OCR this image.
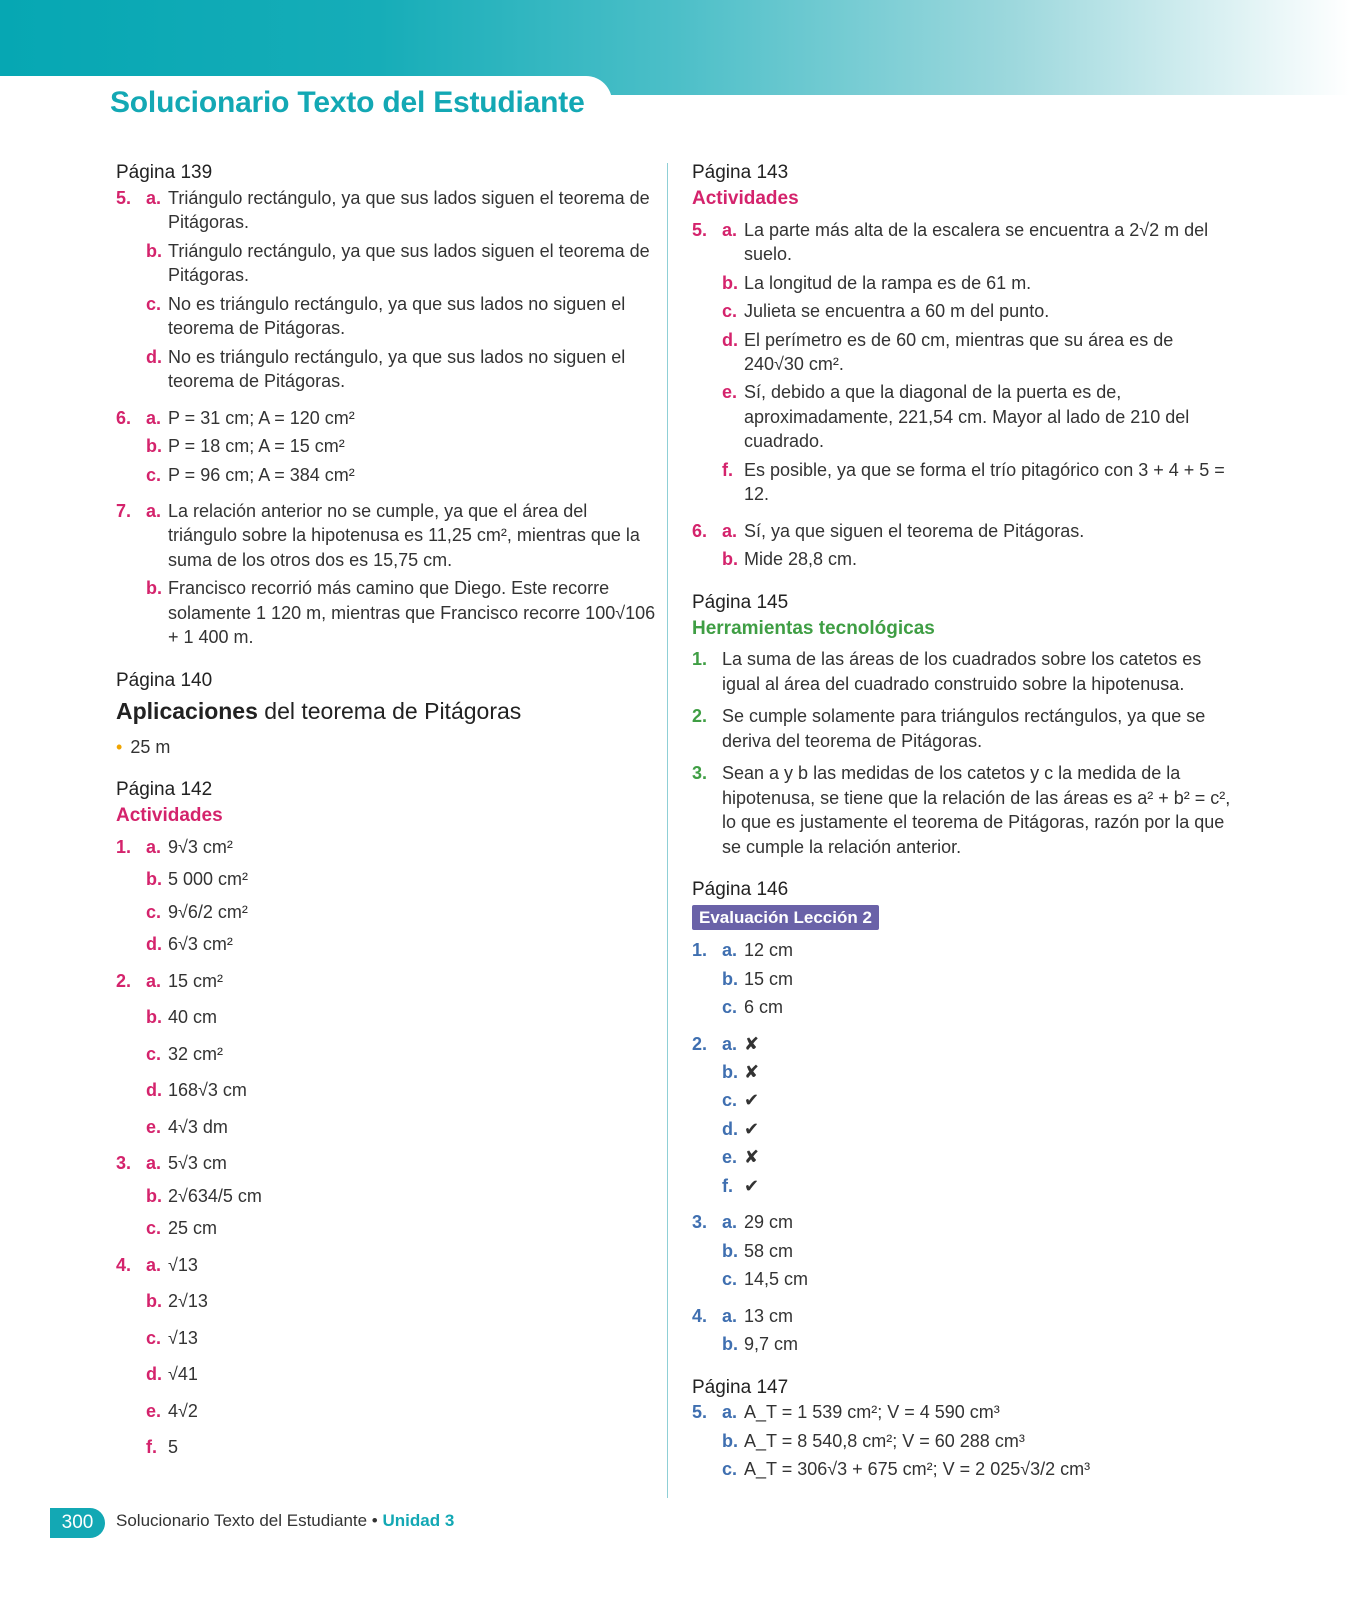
Solucionario Texto del Estudiante

Página 139

5. a. Triángulo rectángulo, ya que sus lados siguen el teorema de Pitágoras.
b. Triángulo rectángulo, ya que sus lados siguen el teorema de Pitágoras.
c. No es triángulo rectángulo, ya que sus lados no siguen el teorema de Pitágoras.
d. No es triángulo rectángulo, ya que sus lados no siguen el teorema de Pitágoras.
6. a. P = 31 cm; A = 120 cm²
b. P = 18 cm; A = 15 cm²
c. P = 96 cm; A = 384 cm²
7. a. La relación anterior no se cumple, ya que el área del triángulo sobre la hipotenusa es 11,25 cm², mientras que la suma de los otros dos es 15,75 cm.
b. Francisco recorrió más camino que Diego. Este recorre solamente 1 120 m, mientras que Francisco recorre 100√106 + 1 400 m.

Página 140

Aplicaciones del teorema de Pitágoras

• 25 m

Página 142

Actividades

1. a. 9√3 cm²
b. 5 000 cm²
c. 9√6/2 cm²
d. 6√3 cm²
2. a. 15 cm²
b. 40 cm
c. 32 cm²
d. 168√3 cm
e. 4√3 dm
3. a. 5√3 cm
b. 2√634/5 cm
c. 25 cm
4. a. √13
b. 2√13
c. √13
d. √41
e. 4√2
f. 5

Página 143

Actividades

5. a. La parte más alta de la escalera se encuentra a 2√2 m del suelo.
b. La longitud de la rampa es de 61 m.
c. Julieta se encuentra a 60 m del punto.
d. El perímetro es de 60 cm, mientras que su área es de 240√30 cm².
e. Sí, debido a que la diagonal de la puerta es de, aproximadamente, 221,54 cm. Mayor al lado de 210 del cuadrado.
f. Es posible, ya que se forma el trío pitagórico con 3 + 4 + 5 = 12.
6. a. Sí, ya que siguen el teorema de Pitágoras.
b. Mide 28,8 cm.

Página 145

Herramientas tecnológicas

1. La suma de las áreas de los cuadrados sobre los catetos es igual al área del cuadrado construido sobre la hipotenusa.
2. Se cumple solamente para triángulos rectángulos, ya que se deriva del teorema de Pitágoras.
3. Sean a y b las medidas de los catetos y c la medida de la hipotenusa, se tiene que la relación de las áreas es a² + b² = c², lo que es justamente el teorema de Pitágoras, razón por la que se cumple la relación anterior.

Página 146

Evaluación Lección 2
1. a. 12 cm
b. 15 cm
c. 6 cm
2. a. ✘
b. ✘
c. ✔
d. ✔
e. ✘
f. ✔
3. a. 29 cm
b. 58 cm
c. 14,5 cm
4. a. 13 cm
b. 9,7 cm

Página 147

5. a. A_T = 1 539 cm²; V = 4 590 cm³
b. A_T = 8 540,8 cm²; V = 60 288 cm³
c. A_T = 306√3 + 675 cm²; V = 2 025√3/2 cm³
300	Solucionario Texto del Estudiante • Unidad 3
